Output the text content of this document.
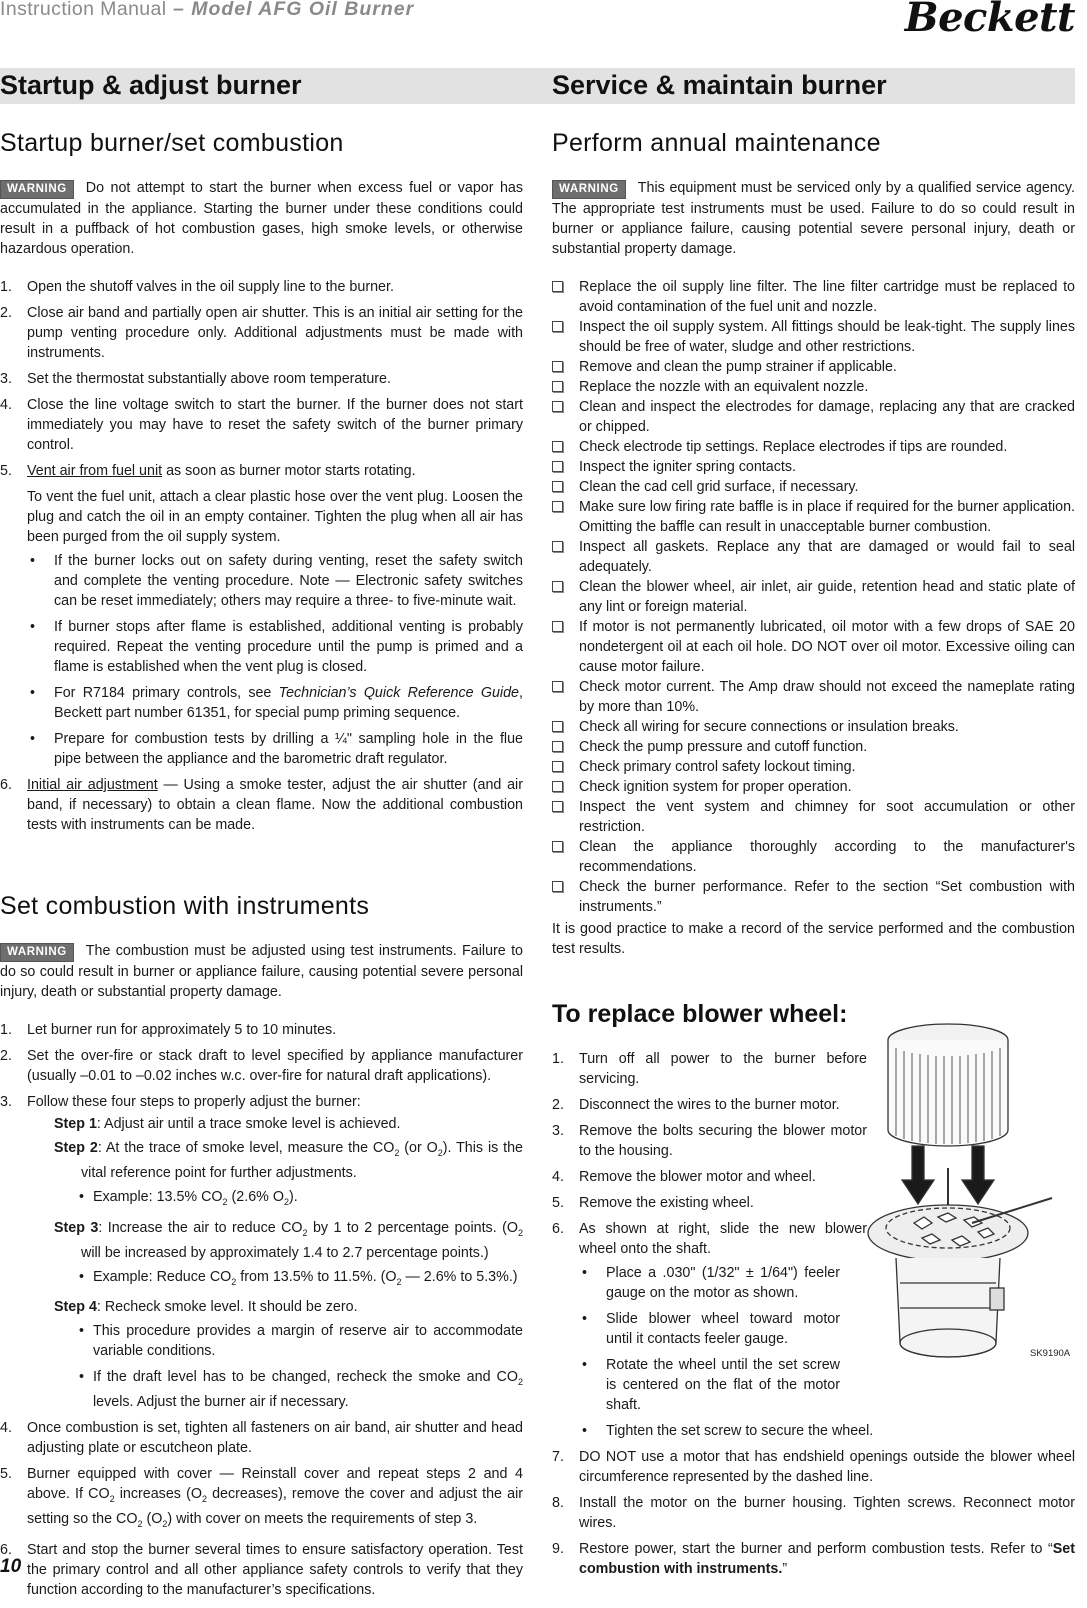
Instruction Manual – Model AFG Oil Burner	Beckett
Startup & adjust burner	Service & maintain burner
Startup burner/set combustion

WARNING Do not attempt to start the burner when excess fuel or vapor has accumulated in the appliance. Starting the burner under these conditions could result in a puffback of hot combustion gases, high smoke levels, or otherwise hazardous operation.

1. Open the shutoff valves in the oil supply line to the burner.
2. Close air band and partially open air shutter. This is an initial air setting for the pump venting procedure only. Additional adjustments must be made with instruments.
3. Set the thermostat substantially above room temperature.
4. Close the line voltage switch to start the burner. If the burner does not start immediately you may have to reset the safety switch of the burner primary control.
5. Vent air from fuel unit as soon as burner motor starts rotating.
To vent the fuel unit, attach a clear plastic hose over the vent plug. Loosen the plug and catch the oil in an empty container. Tighten the plug when all air has been purged from the oil supply system.
• If the burner locks out on safety during venting, reset the safety switch and complete the venting procedure. Note — Electronic safety switches can be reset immediately; others may require a three- to five-minute wait.
• If burner stops after flame is established, additional venting is probably required. Repeat the venting procedure until the pump is primed and a flame is established when the vent plug is closed.
• For R7184 primary controls, see Technician’s Quick Reference Guide, Beckett part number 61351, for special pump priming sequence.
• Prepare for combustion tests by drilling a ¼" sampling hole in the flue pipe between the appliance and the barometric draft regulator.
6. Initial air adjustment — Using a smoke tester, adjust the air shutter (and air band, if necessary) to obtain a clean flame. Now the additional combustion tests with instruments can be made.
Set combustion with instruments

WARNING The combustion must be adjusted using test instruments. Failure to do so could result in burner or appliance failure, causing potential severe personal injury, death or substantial property damage.

1. Let burner run for approximately 5 to 10 minutes.
2. Set the over-fire or stack draft to level specified by appliance manufacturer (usually –0.01 to –0.02 inches w.c. over-fire for natural draft applications).
3. Follow these four steps to properly adjust the burner:
Step 1: Adjust air until a trace smoke level is achieved.
Step 2: At the trace of smoke level, measure the $CO_2$ (or $O_2$). This is the vital reference point for further adjustments.
• Example: 13.5% $CO_2$ (2.6% $O_2$).
Step 3: Increase the air to reduce $CO_2$ by 1 to 2 percentage points. ($O_2$ will be increased by approximately 1.4 to 2.7 percentage points.)
• Example: Reduce $CO_2$ from 13.5% to 11.5%. ($O_2$ — 2.6% to 5.3%.)
Step 4: Recheck smoke level. It should be zero.
• This procedure provides a margin of reserve air to accommodate variable conditions.
• If the draft level has to be changed, recheck the smoke and $CO_2$ levels. Adjust the burner air if necessary.
4. Once combustion is set, tighten all fasteners on air band, air shutter and head adjusting plate or escutcheon plate.
5. Burner equipped with cover — Reinstall cover and repeat steps 2 and 4 above. If $CO_2$ increases ($O_2$ decreases), remove the cover and adjust the air setting so the $CO_2$ $(O_2)$ with cover on meets the requirements of step 3.
6. Start and stop the burner several times to ensure satisfactory operation. Test the primary control and all other appliance safety controls to verify that they function according to the manufacturer’s specifications.
Perform annual maintenance

WARNING This equipment must be serviced only by a qualified service agency. The appropriate test instruments must be used. Failure to do so could result in burner or appliance failure, causing potential severe personal injury, death or substantial property damage.

Replace the oil supply line filter. The line filter cartridge must be replaced to avoid contamination of the fuel unit and nozzle.
Inspect the oil supply system. All fittings should be leak-tight. The supply lines should be free of water, sludge and other restrictions.
Remove and clean the pump strainer if applicable.
Replace the nozzle with an equivalent nozzle.
Clean and inspect the electrodes for damage, replacing any that are cracked or chipped.
Check electrode tip settings. Replace electrodes if tips are rounded.
Inspect the igniter spring contacts.
Clean the cad cell grid surface, if necessary.
Make sure low firing rate baffle is in place if required for the burner application. Omitting the baffle can result in unacceptable burner combustion.
Inspect all gaskets. Replace any that are damaged or would fail to seal adequately.
Clean the blower wheel, air inlet, air guide, retention head and static plate of any lint or foreign material.
If motor is not permanently lubricated, oil motor with a few drops of SAE 20 nondetergent oil at each oil hole. DO NOT over oil motor. Excessive oiling can cause motor failure.
Check motor current. The Amp draw should not exceed the nameplate rating by more than 10%.
Check all wiring for secure connections or insulation breaks.
Check the pump pressure and cutoff function.
Check primary control safety lockout timing.
Check ignition system for proper operation.
Inspect the vent system and chimney for soot accumulation or other restriction.
Clean the appliance thoroughly according to the manufacturer's recommendations.
Check the burner performance. Refer to the section “Set combustion with instruments.”
It is good practice to make a record of the service performed and the combustion test results.
To replace blower wheel:
1. Turn off all power to the burner before servicing.
2. Disconnect the wires to the burner motor.
3. Remove the bolts securing the blower motor to the housing.
4. Remove the blower motor and wheel.
5. Remove the existing wheel.
6. As shown at right, slide the new blower wheel onto the shaft.
• Place a .030" (1/32" ± 1/64") feeler gauge on the motor as shown.
• Slide blower wheel toward motor until it contacts feeler gauge.
• Rotate the wheel until the set screw is centered on the flat of the motor shaft.
• Tighten the set screw to secure the wheel.
7. DO NOT use a motor that has endshield openings outside the blower wheel circumference represented by the dashed line.
8. Install the motor on the burner housing. Tighten screws. Reconnect motor wires.
9. Restore power, start the burner and perform combustion tests. Refer to “Set combustion with instruments.”
SK9190A
10
